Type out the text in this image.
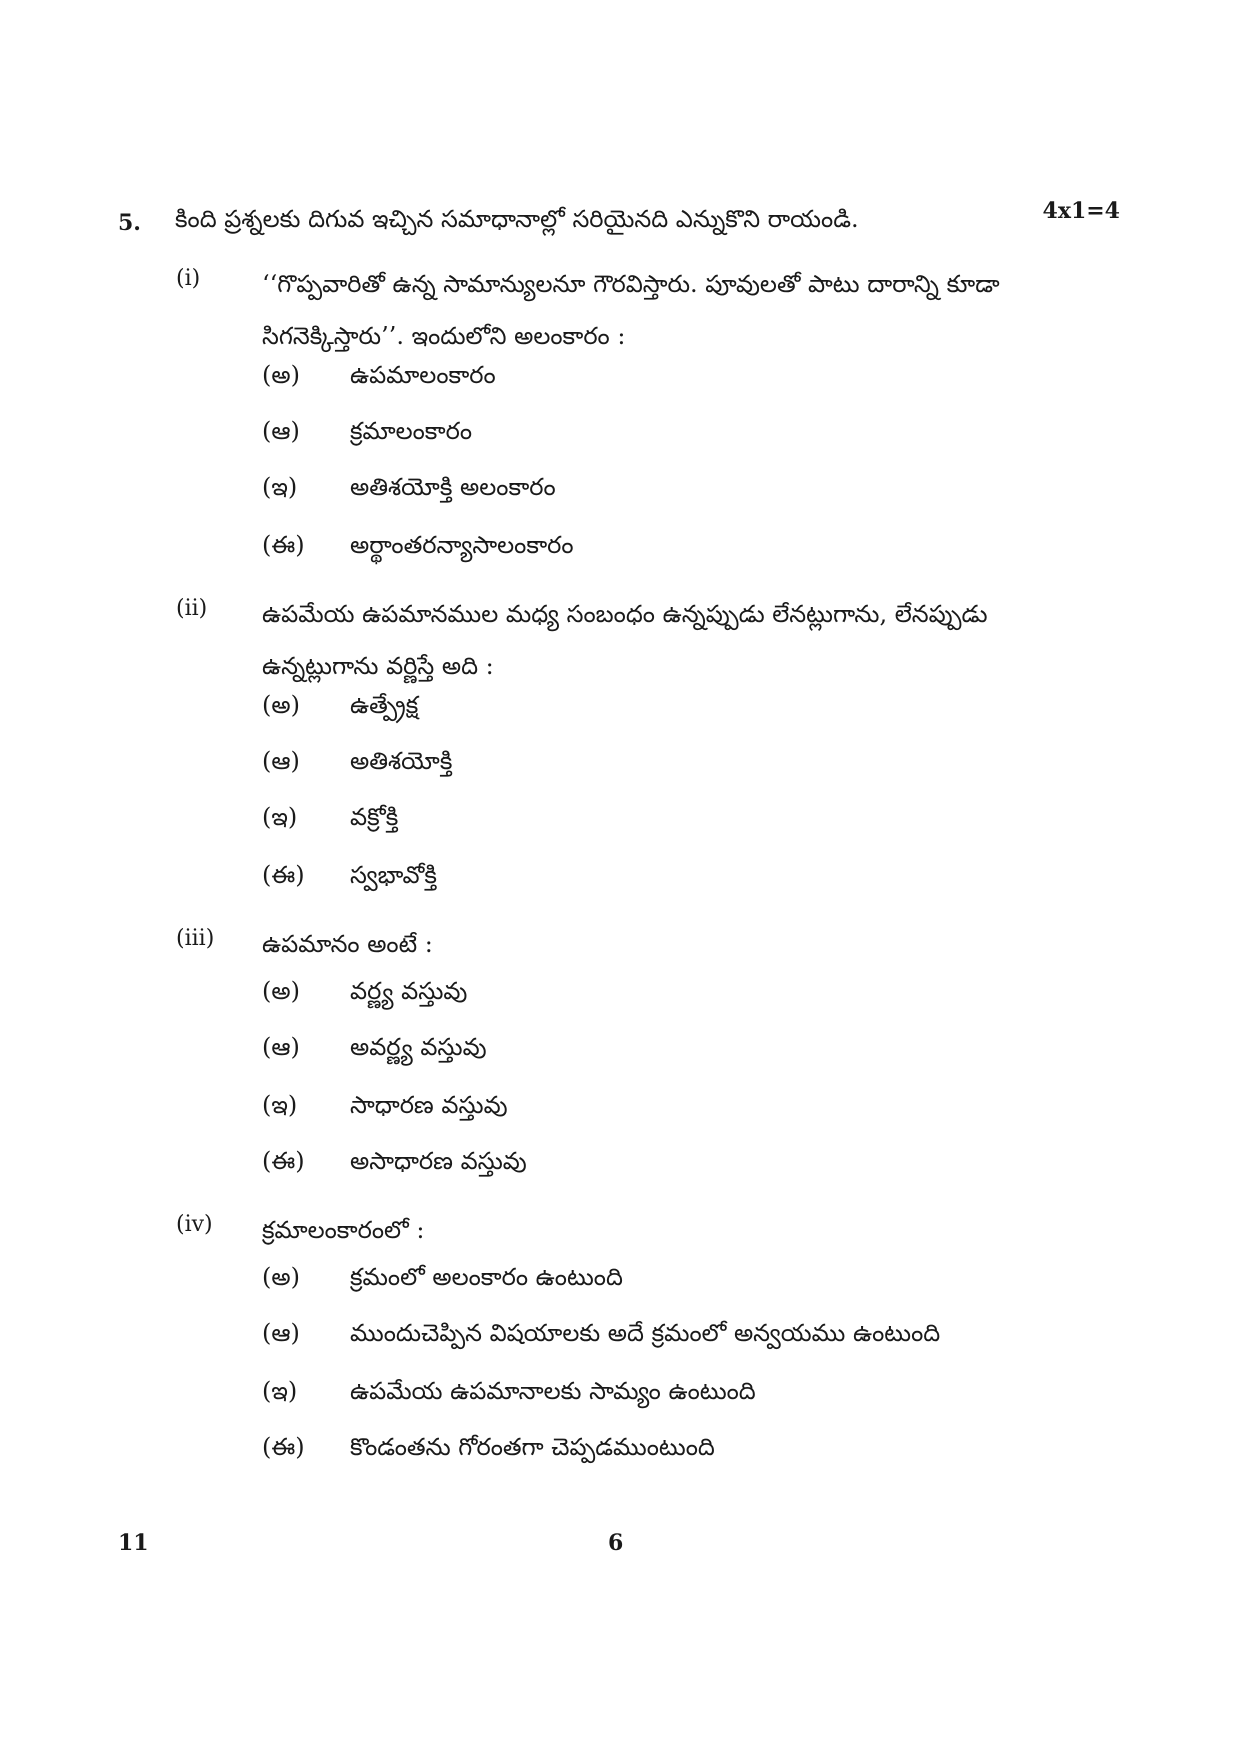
5. కింది ప్రశ్నలకు దిగువ ఇచ్చిన సమాధానాల్లో సరియైనది ఎన్నుకొని రాయండి.	4x1=4
(i)	‘‘గొప్పవారితో ఉన్న సామాన్యులనూ గౌరవిస్తారు. పూవులతో పాటు దారాన్ని కూడా సిగనెక్కిస్తారు’’. ఇందులోని అలంకారం :
(అ) ఉపమాలంకారం
(ఆ) క్రమాలంకారం
(ఇ) అతిశయోక్తి అలంకారం
(ఈ) అర్థాంతరన్యాసాలంకారం
(ii) ఉపమేయ ఉపమానముల మధ్య సంబంధం ఉన్నప్పుడు లేనట్లుగాను, లేనప్పుడు ఉన్నట్లుగాను వర్ణిస్తే అది :
(అ) ఉత్ప్రేక్ష
(ఆ) అతిశయోక్తి
(ఇ) వక్రోక్తి
(ఈ) స్వభావోక్తి
(iii) ఉపమానం అంటే :
(అ) వర్ణ్య వస్తువు
(ఆ) అవర్ణ్య వస్తువు
(ఇ) సాధారణ వస్తువు
(ఈ) అసాధారణ వస్తువు
(iv) క్రమాలంకారంలో :
(అ) క్రమంలో అలంకారం ఉంటుంది
(ఆ) ముందుచెప్పిన విషయాలకు అదే క్రమంలో అన్వయము ఉంటుంది
(ఇ) ఉపమేయ ఉపమానాలకు సామ్యం ఉంటుంది
(ఈ) కొండంతను గోరంతగా చెప్పడముంటుంది
11	6
